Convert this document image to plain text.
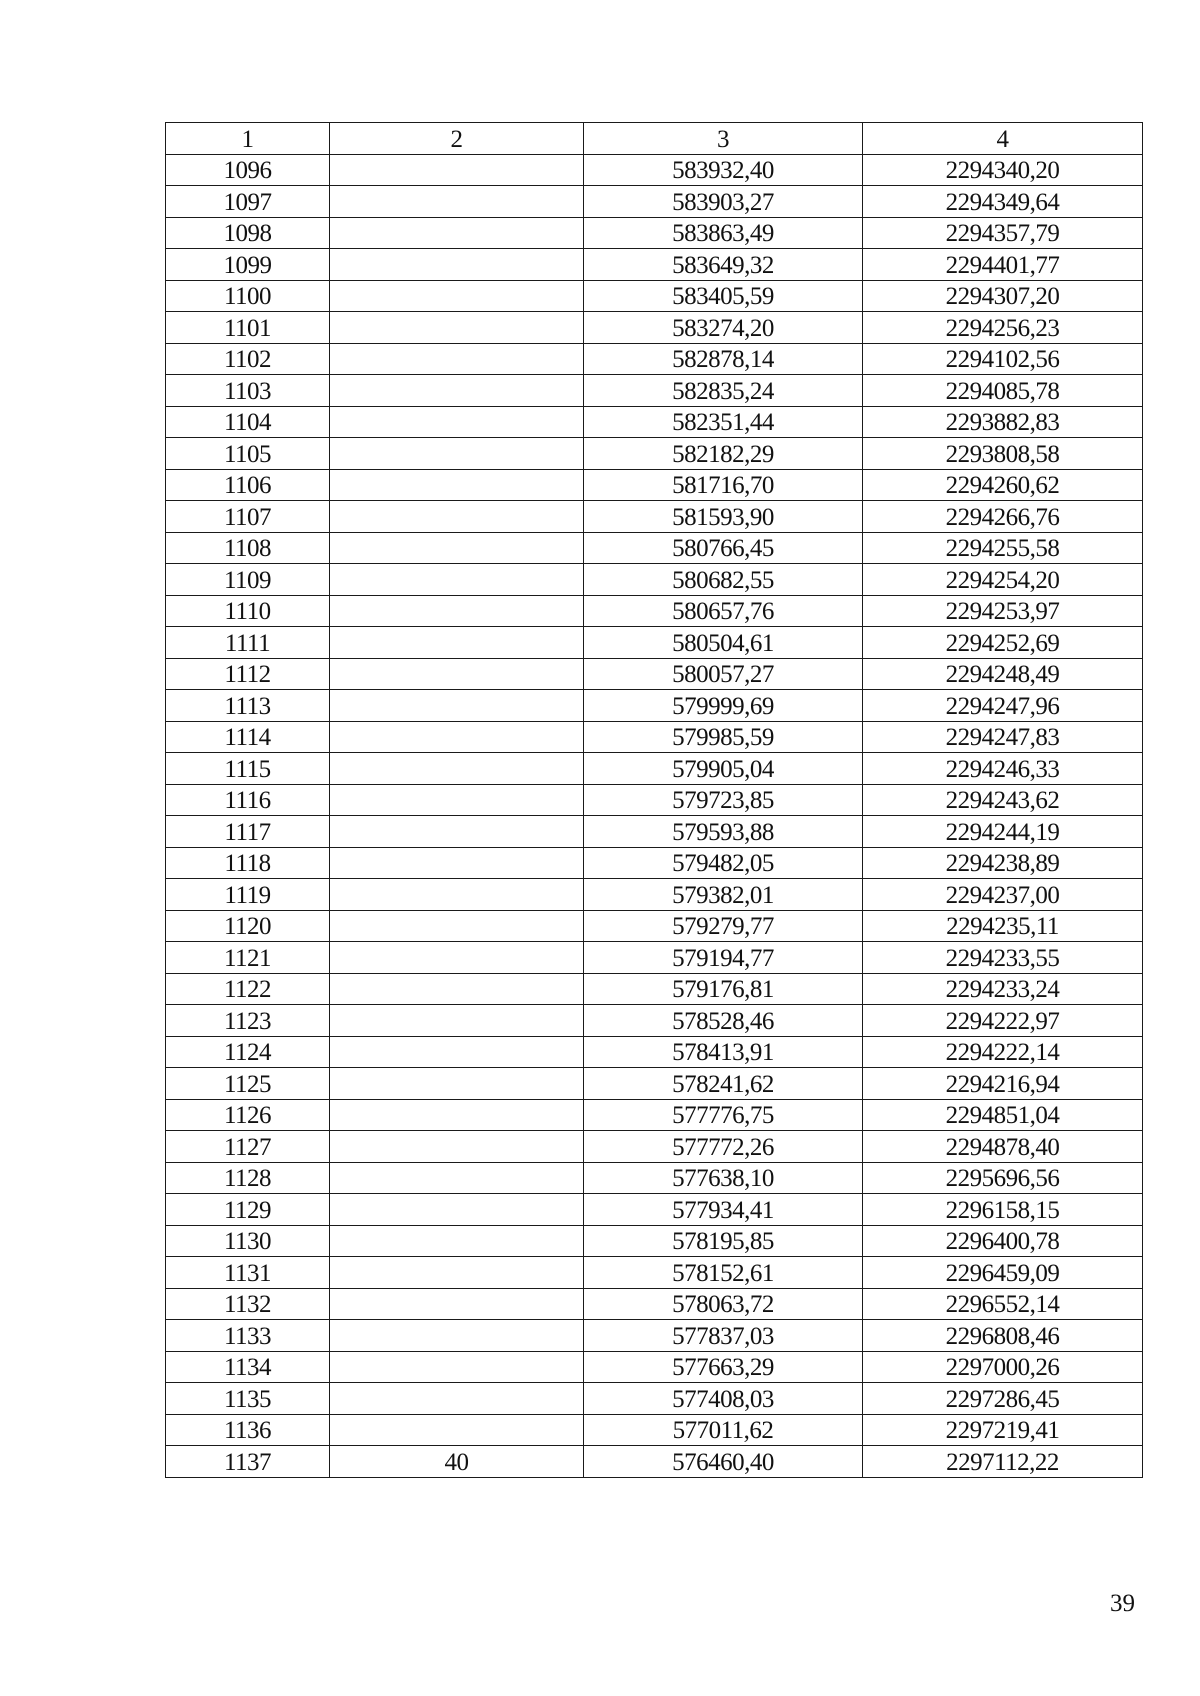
1	2	3	4
1096		583932,40	2294340,20
1097		583903,27	2294349,64
1098		583863,49	2294357,79
1099		583649,32	2294401,77
1100		583405,59	2294307,20
1101		583274,20	2294256,23
1102		582878,14	2294102,56
1103		582835,24	2294085,78
1104		582351,44	2293882,83
1105		582182,29	2293808,58
1106		581716,70	2294260,62
1107		581593,90	2294266,76
1108		580766,45	2294255,58
1109		580682,55	2294254,20
1110		580657,76	2294253,97
1111		580504,61	2294252,69
1112		580057,27	2294248,49
1113		579999,69	2294247,96
1114		579985,59	2294247,83
1115		579905,04	2294246,33
1116		579723,85	2294243,62
1117		579593,88	2294244,19
1118		579482,05	2294238,89
1119		579382,01	2294237,00
1120		579279,77	2294235,11
1121		579194,77	2294233,55
1122		579176,81	2294233,24
1123		578528,46	2294222,97
1124		578413,91	2294222,14
1125		578241,62	2294216,94
1126		577776,75	2294851,04
1127		577772,26	2294878,40
1128		577638,10	2295696,56
1129		577934,41	2296158,15
1130		578195,85	2296400,78
1131		578152,61	2296459,09
1132		578063,72	2296552,14
1133		577837,03	2296808,46
1134		577663,29	2297000,26
1135		577408,03	2297286,45
1136		577011,62	2297219,41
1137	40	576460,40	2297112,22
39
